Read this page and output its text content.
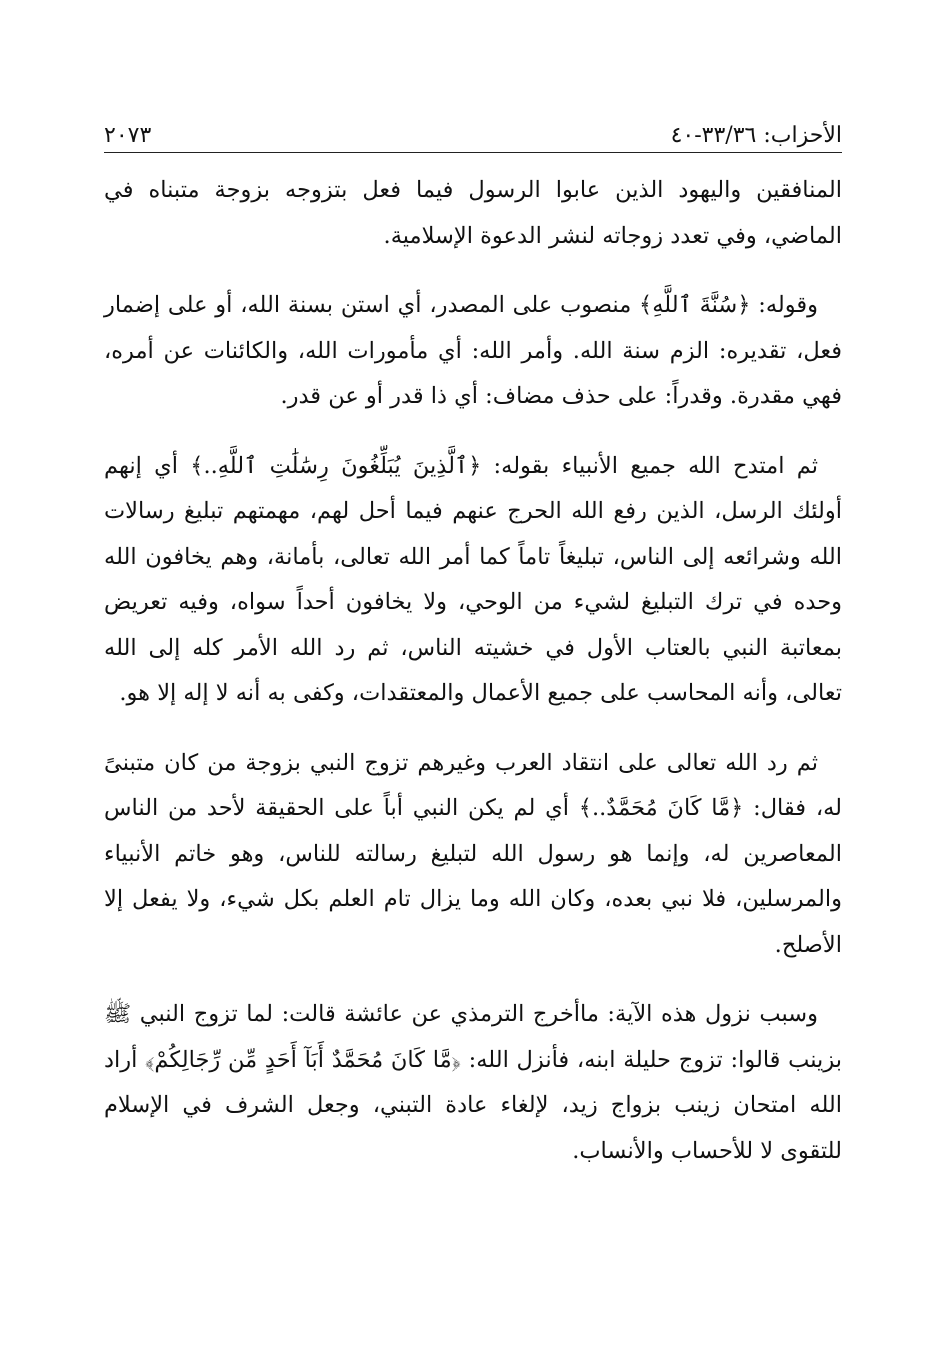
الأحزاب: ٣٣/٣٦-٤٠
٢٠٧٣

المنافقين واليهود الذين عابوا الرسول فيما فعل بتزوجه بزوجة متبناه في الماضي، وفي تعدد زوجاته لنشر الدعوة الإسلامية.

وقوله: ﴿سُنَّةَ ٱللَّهِ﴾ منصوب على المصدر، أي استن بسنة الله، أو على إضمار فعل، تقديره: الزم سنة الله. وأمر الله: أي مأمورات الله، والكائنات عن أمره، فهي مقدرة. وقدراً: على حذف مضاف: أي ذا قدر أو عن قدر.

ثم امتدح الله جميع الأنبياء بقوله: ﴿ٱلَّذِينَ يُبَلِّغُونَ رِسَٰلَٰتِ ٱللَّهِ..﴾ أي إنهم أولئك الرسل، الذين رفع الله الحرج عنهم فيما أحل لهم، مهمتهم تبليغ رسالات الله وشرائعه إلى الناس، تبليغاً تاماً كما أمر الله تعالى، بأمانة، وهم يخافون الله وحده في ترك التبليغ لشيء من الوحي، ولا يخافون أحداً سواه، وفيه تعريض بمعاتبة النبي بالعتاب الأول في خشيته الناس، ثم رد الله الأمر كله إلى الله تعالى، وأنه المحاسب على جميع الأعمال والمعتقدات، وكفى به أنه لا إله إلا هو.

ثم رد الله تعالى على انتقاد العرب وغيرهم تزوج النبي بزوجة من كان متبنىً له، فقال: ﴿مَّا كَانَ مُحَمَّدٌ..﴾ أي لم يكن النبي أباً على الحقيقة لأحد من الناس المعاصرين له، وإنما هو رسول الله لتبليغ رسالته للناس، وهو خاتم الأنبياء والمرسلين، فلا نبي بعده، وكان الله وما يزال تام العلم بكل شيء، ولا يفعل إلا الأصلح.

وسبب نزول هذه الآية: ماأخرج الترمذي عن عائشة قالت: لما تزوج النبي ﷺ بزينب قالوا: تزوج حليلة ابنه، فأنزل الله: ﴿مَّا كَانَ مُحَمَّدٌ أَبَآ أَحَدٍ مِّن رِّجَالِكُمْ﴾ أراد الله امتحان زينب بزواج زيد، لإلغاء عادة التبني، وجعل الشرف في الإسلام للتقوى لا للأحساب والأنساب.
